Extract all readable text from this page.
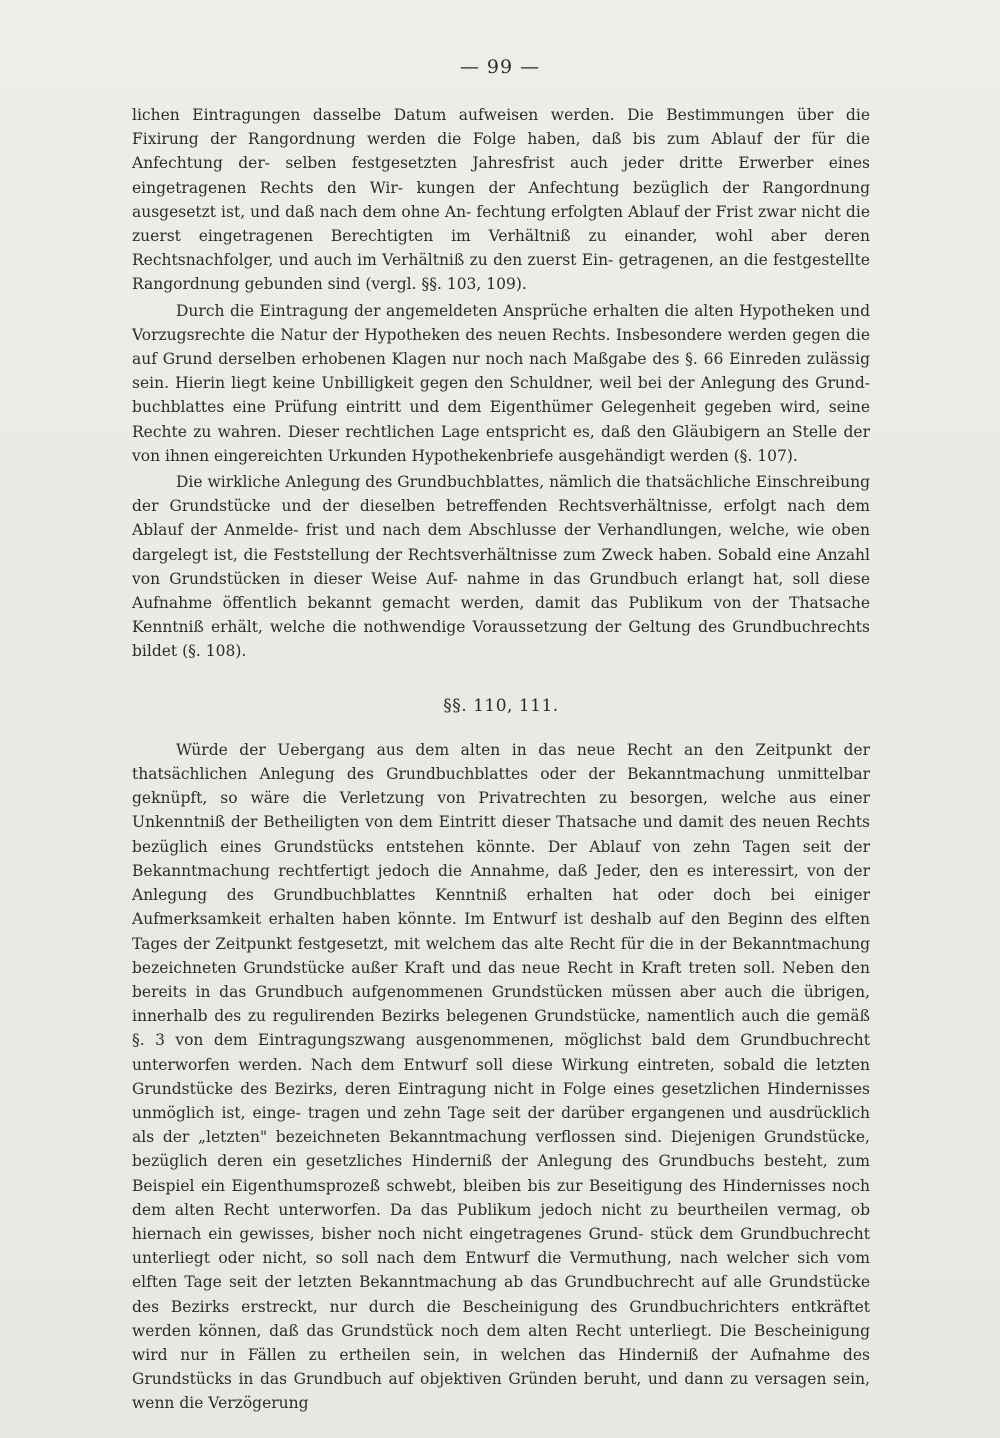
— 99 —

lichen Eintragungen dasselbe Datum aufweisen werden. Die Bestimmungen über die Fixirung der Rangordnung werden die Folge haben, daß bis zum Ablauf der für die Anfechtung der- selben festgesetzten Jahresfrist auch jeder dritte Erwerber eines eingetragenen Rechts den Wir- kungen der Anfechtung bezüglich der Rangordnung ausgesetzt ist, und daß nach dem ohne An- fechtung erfolgten Ablauf der Frist zwar nicht die zuerst eingetragenen Berechtigten im Verhältniß zu einander, wohl aber deren Rechtsnachfolger, und auch im Verhältniß zu den zuerst Ein- getragenen, an die festgestellte Rangordnung gebunden sind (vergl. §§. 103, 109).

Durch die Eintragung der angemeldeten Ansprüche erhalten die alten Hypotheken und Vorzugsrechte die Natur der Hypotheken des neuen Rechts. Insbesondere werden gegen die auf Grund derselben erhobenen Klagen nur noch nach Maßgabe des §. 66 Einreden zulässig sein. Hierin liegt keine Unbilligkeit gegen den Schuldner, weil bei der Anlegung des Grund- buchblattes eine Prüfung eintritt und dem Eigenthümer Gelegenheit gegeben wird, seine Rechte zu wahren. Dieser rechtlichen Lage entspricht es, daß den Gläubigern an Stelle der von ihnen eingereichten Urkunden Hypothekenbriefe ausgehändigt werden (§. 107).

Die wirkliche Anlegung des Grundbuchblattes, nämlich die thatsächliche Einschreibung der Grundstücke und der dieselben betreffenden Rechtsverhältnisse, erfolgt nach dem Ablauf der Anmelde- frist und nach dem Abschlusse der Verhandlungen, welche, wie oben dargelegt ist, die Feststellung der Rechtsverhältnisse zum Zweck haben. Sobald eine Anzahl von Grundstücken in dieser Weise Auf- nahme in das Grundbuch erlangt hat, soll diese Aufnahme öffentlich bekannt gemacht werden, damit das Publikum von der Thatsache Kenntniß erhält, welche die nothwendige Voraussetzung der Geltung des Grundbuchrechts bildet (§. 108).

§§. 110, 111.

Würde der Uebergang aus dem alten in das neue Recht an den Zeitpunkt der thatsächlichen Anlegung des Grundbuchblattes oder der Bekanntmachung unmittelbar geknüpft, so wäre die Verletzung von Privatrechten zu besorgen, welche aus einer Unkenntniß der Betheiligten von dem Eintritt dieser Thatsache und damit des neuen Rechts bezüglich eines Grundstücks entstehen könnte. Der Ablauf von zehn Tagen seit der Bekanntmachung rechtfertigt jedoch die Annahme, daß Jeder, den es interessirt, von der Anlegung des Grundbuchblattes Kenntniß erhalten hat oder doch bei einiger Aufmerksamkeit erhalten haben könnte. Im Entwurf ist deshalb auf den Beginn des elften Tages der Zeitpunkt festgesetzt, mit welchem das alte Recht für die in der Bekanntmachung bezeichneten Grundstücke außer Kraft und das neue Recht in Kraft treten soll. Neben den bereits in das Grundbuch aufgenommenen Grundstücken müssen aber auch die übrigen, innerhalb des zu regulirenden Bezirks belegenen Grundstücke, namentlich auch die gemäß §. 3 von dem Eintragungszwang ausgenommenen, möglichst bald dem Grundbuchrecht unterworfen werden. Nach dem Entwurf soll diese Wirkung eintreten, sobald die letzten Grundstücke des Bezirks, deren Eintragung nicht in Folge eines gesetzlichen Hindernisses unmöglich ist, einge- tragen und zehn Tage seit der darüber ergangenen und ausdrücklich als der „letzten" bezeichneten Bekanntmachung verflossen sind. Diejenigen Grundstücke, bezüglich deren ein gesetzliches Hinderniß der Anlegung des Grundbuchs besteht, zum Beispiel ein Eigenthumsprozeß schwebt, bleiben bis zur Beseitigung des Hindernisses noch dem alten Recht unterworfen. Da das Publikum jedoch nicht zu beurtheilen vermag, ob hiernach ein gewisses, bisher noch nicht eingetragenes Grund- stück dem Grundbuchrecht unterliegt oder nicht, so soll nach dem Entwurf die Vermuthung, nach welcher sich vom elften Tage seit der letzten Bekanntmachung ab das Grundbuchrecht auf alle Grundstücke des Bezirks erstreckt, nur durch die Bescheinigung des Grundbuchrichters entkräftet werden können, daß das Grundstück noch dem alten Recht unterliegt. Die Bescheinigung wird nur in Fällen zu ertheilen sein, in welchen das Hinderniß der Aufnahme des Grundstücks in das Grundbuch auf objektiven Gründen beruht, und dann zu versagen sein, wenn die Verzögerung
